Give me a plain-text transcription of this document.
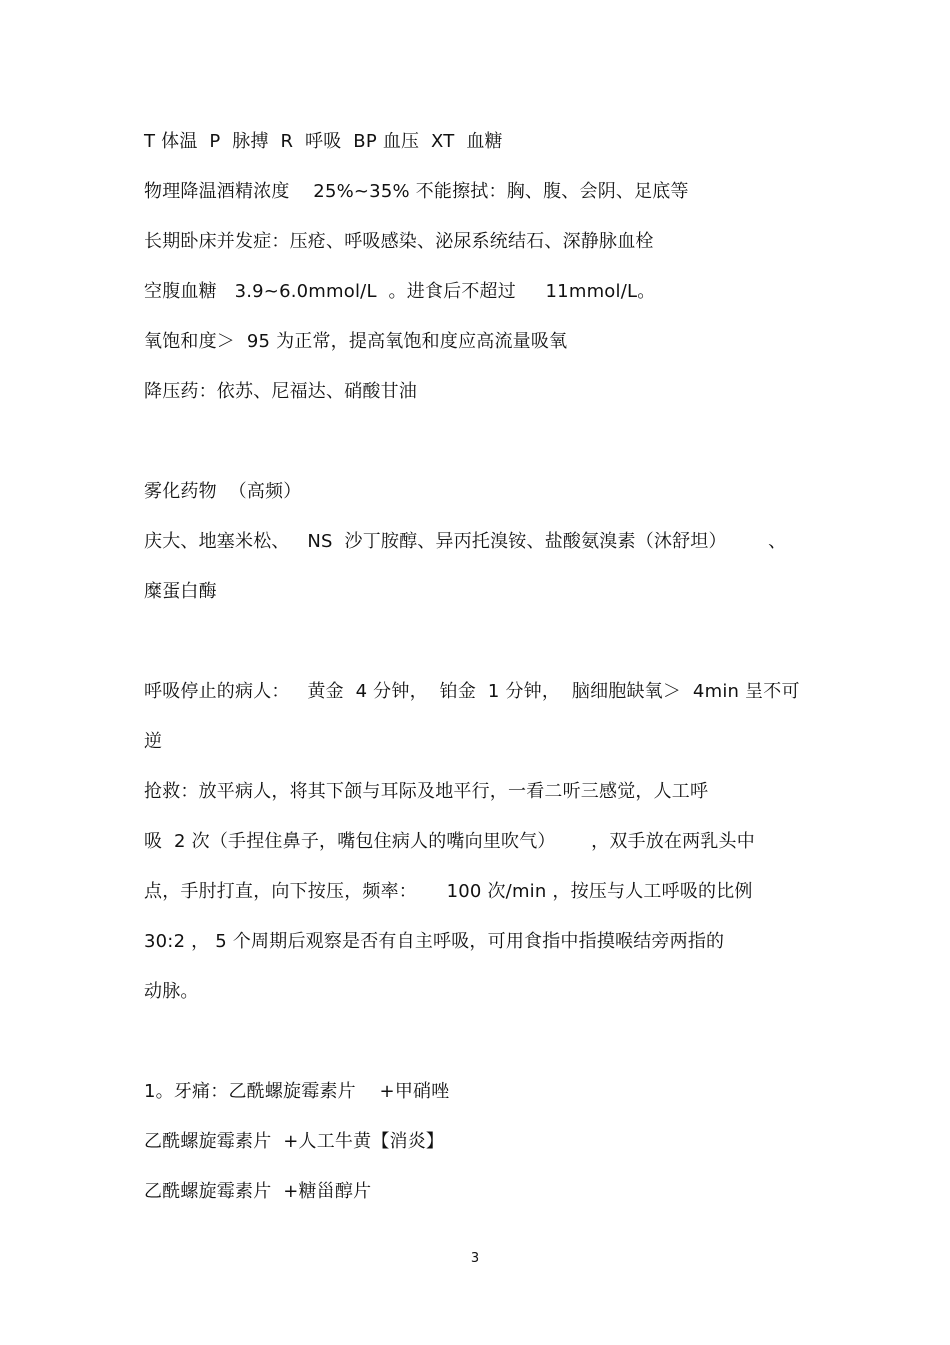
T 体温  P  脉搏  R  呼吸  BP 血压  XT  血糖
物理降温酒精浓度    25%~35% 不能擦拭：胸、腹、会阴、足底等
长期卧床并发症：压疮、呼吸感染、泌尿系统结石、深静脉血栓
空腹血糖   3.9~6.0mmol/L  。进食后不超过     11mmol/L。
氧饱和度＞  95 为正常，提高氧饱和度应高流量吸氧
降压药：依苏、尼福达、硝酸甘油
雾化药物  （高频）
庆大、地塞米松、   NS  沙丁胺醇、异丙托溴铵、盐酸氨溴素（沐舒坦）       、
糜蛋白酶
呼吸停止的病人：   黄金  4 分钟，  铂金  1 分钟，  脑细胞缺氧＞  4min 呈不可
逆
抢救：放平病人，将其下颌与耳际及地平行，一看二听三感觉，人工呼
吸  2 次（手捏住鼻子，嘴包住病人的嘴向里吹气）      ，双手放在两乳头中
点，手肘打直，向下按压，频率：     100 次/min ，按压与人工呼吸的比例
30:2 ， 5 个周期后观察是否有自主呼吸，可用食指中指摸喉结旁两指的
动脉。
1。牙痛：乙酰螺旋霉素片    +甲硝唑
乙酰螺旋霉素片  +人工牛黄【消炎】
乙酰螺旋霉素片  +糖甾醇片
3
